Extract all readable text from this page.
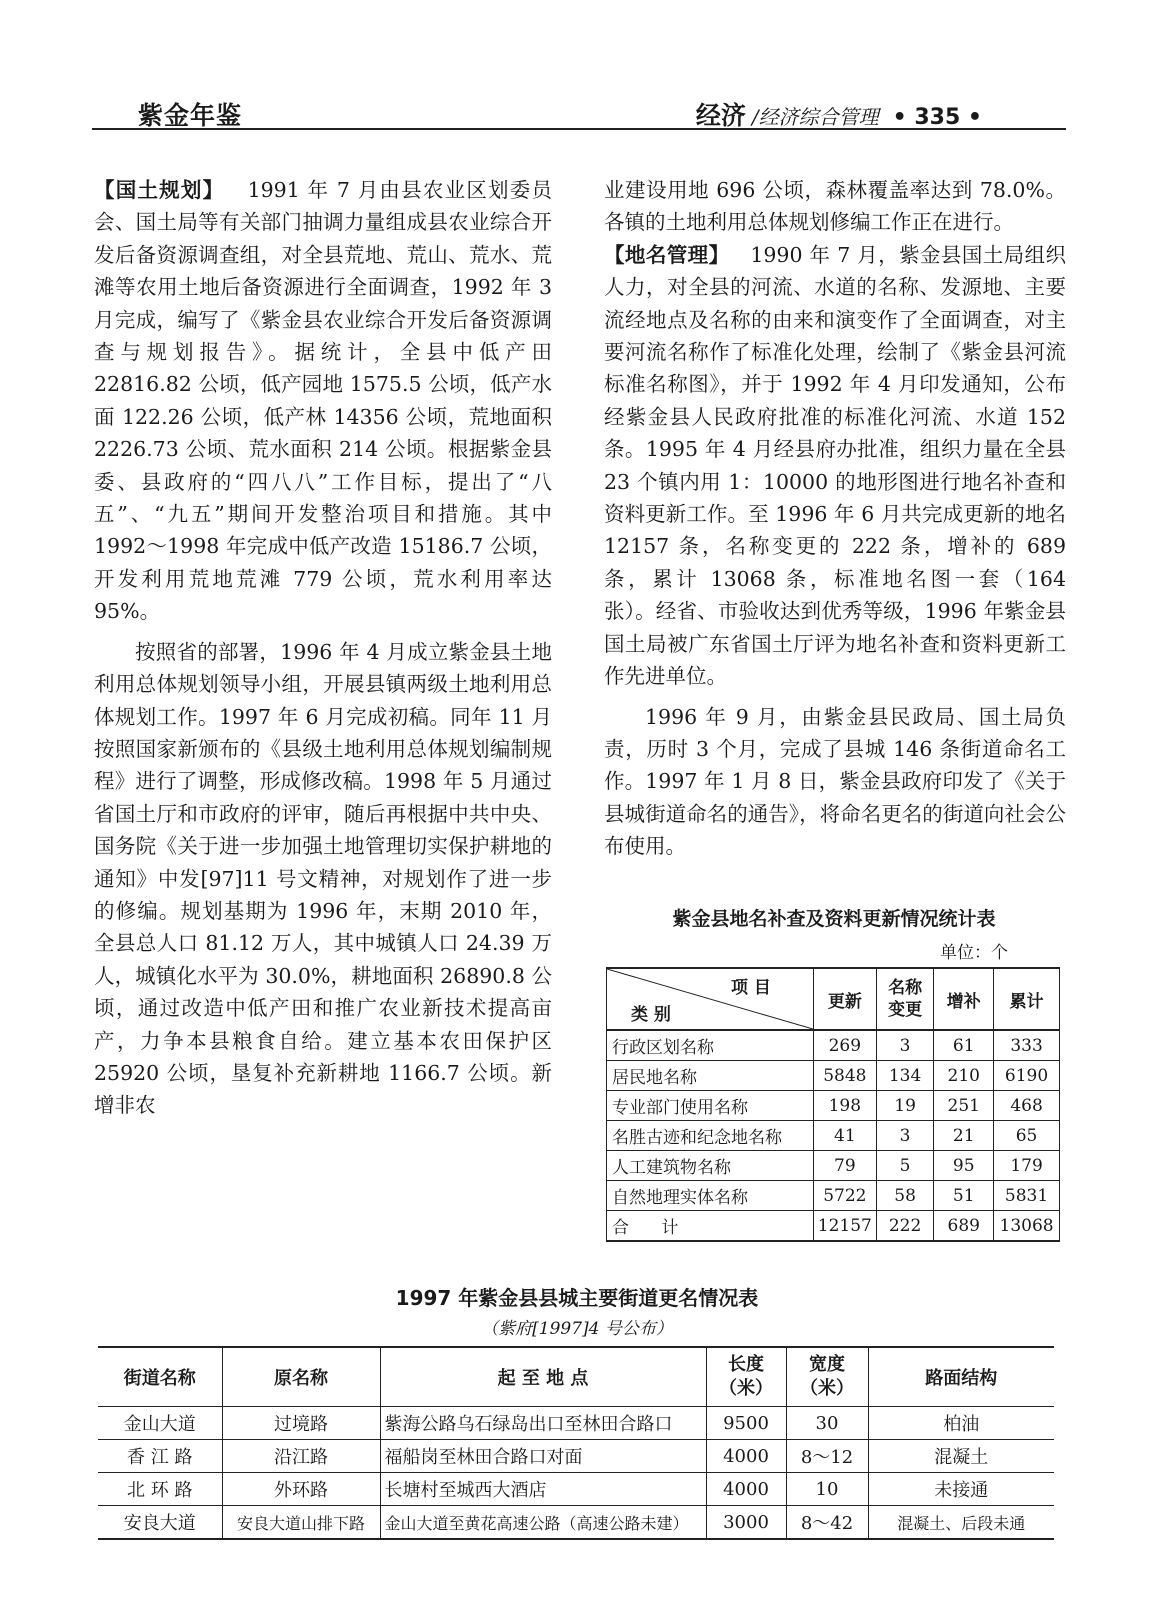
紫金年鉴	经济 /经济综合管理 • 335 •

【国土规划】 1991 年 7 月由县农业区划委员会、国土局等有关部门抽调力量组成县农业综合开发后备资源调查组，对全县荒地、荒山、荒水、荒滩等农用土地后备资源进行全面调查，1992 年 3 月完成，编写了《紫金县农业综合开发后备资源调查与规划报告》。据统计，全县中低产田 22816.82 公顷，低产园地 1575.5 公顷，低产水面 122.26 公顷，低产林 14356 公顷，荒地面积 2226.73 公顷、荒水面积 214 公顷。根据紫金县委、县政府的“四八八”工作目标，提出了“八五”、“九五”期间开发整治项目和措施。其中 1992～1998 年完成中低产改造 15186.7 公顷，开发利用荒地荒滩 779 公顷，荒水利用率达 95%。

按照省的部署，1996 年 4 月成立紫金县土地利用总体规划领导小组，开展县镇两级土地利用总体规划工作。1997 年 6 月完成初稿。同年 11 月按照国家新颁布的《县级土地利用总体规划编制规程》进行了调整，形成修改稿。1998 年 5 月通过省国土厅和市政府的评审，随后再根据中共中央、国务院《关于进一步加强土地管理切实保护耕地的通知》中发[97]11 号文精神，对规划作了进一步的修编。规划基期为 1996 年，末期 2010 年，全县总人口 81.12 万人，其中城镇人口 24.39 万人，城镇化水平为 30.0%，耕地面积 26890.8 公顷，通过改造中低产田和推广农业新技术提高亩产，力争本县粮食自给。建立基本农田保护区 25920 公顷，垦复补充新耕地 1166.7 公顷。新增非农

业建设用地 696 公顷，森林覆盖率达到 78.0%。各镇的土地利用总体规划修编工作正在进行。

【地名管理】 1990 年 7 月，紫金县国土局组织人力，对全县的河流、水道的名称、发源地、主要流经地点及名称的由来和演变作了全面调查，对主要河流名称作了标准化处理，绘制了《紫金县河流标准名称图》，并于 1992 年 4 月印发通知，公布经紫金县人民政府批准的标准化河流、水道 152 条。1995 年 4 月经县府办批准，组织力量在全县 23 个镇内用 1：10000 的地形图进行地名补查和资料更新工作。至 1996 年 6 月共完成更新的地名 12157 条，名称变更的 222 条，增补的 689 条，累计 13068 条，标准地名图一套（164 张）。经省、市验收达到优秀等级，1996 年紫金县国土局被广东省国土厅评为地名补查和资料更新工作先进单位。

1996 年 9 月，由紫金县民政局、国土局负责，历时 3 个月，完成了县城 146 条街道命名工作。1997 年 1 月 8 日，紫金县政府印发了《关于县城街道命名的通告》，将命名更名的街道向社会公布使用。

紫金县地名补查及资料更新情况统计表
单位：个
项 目
类 别	更新	名称变更	增补	累计
行政区划名称	269	3	61	333
居民地名称	5848	134	210	6190
专业部门使用名称	198	19	251	468
名胜古迹和纪念地名称	41	3	21	65
人工建筑物名称	79	5	95	179
自然地理实体名称	5722	58	51	5831
合      计	12157	222	689	13068
1997 年紫金县县城主要街道更名情况表
（紫府[1997]4 号公布）
街道名称	原名称	起 至 地 点	长度（米）	宽度（米）	路面结构
金山大道	过境路	紫海公路乌石绿岛出口至林田合路口	9500	30	柏油
香 江 路	沿江路	福船岗至林田合路口对面	4000	8～12	混凝土
北 环 路	外环路	长塘村至城西大酒店	4000	10	未接通
安良大道	安良大道山排下路	金山大道至黄花高速公路（高速公路未建）	3000	8～42	混凝土、后段未通
